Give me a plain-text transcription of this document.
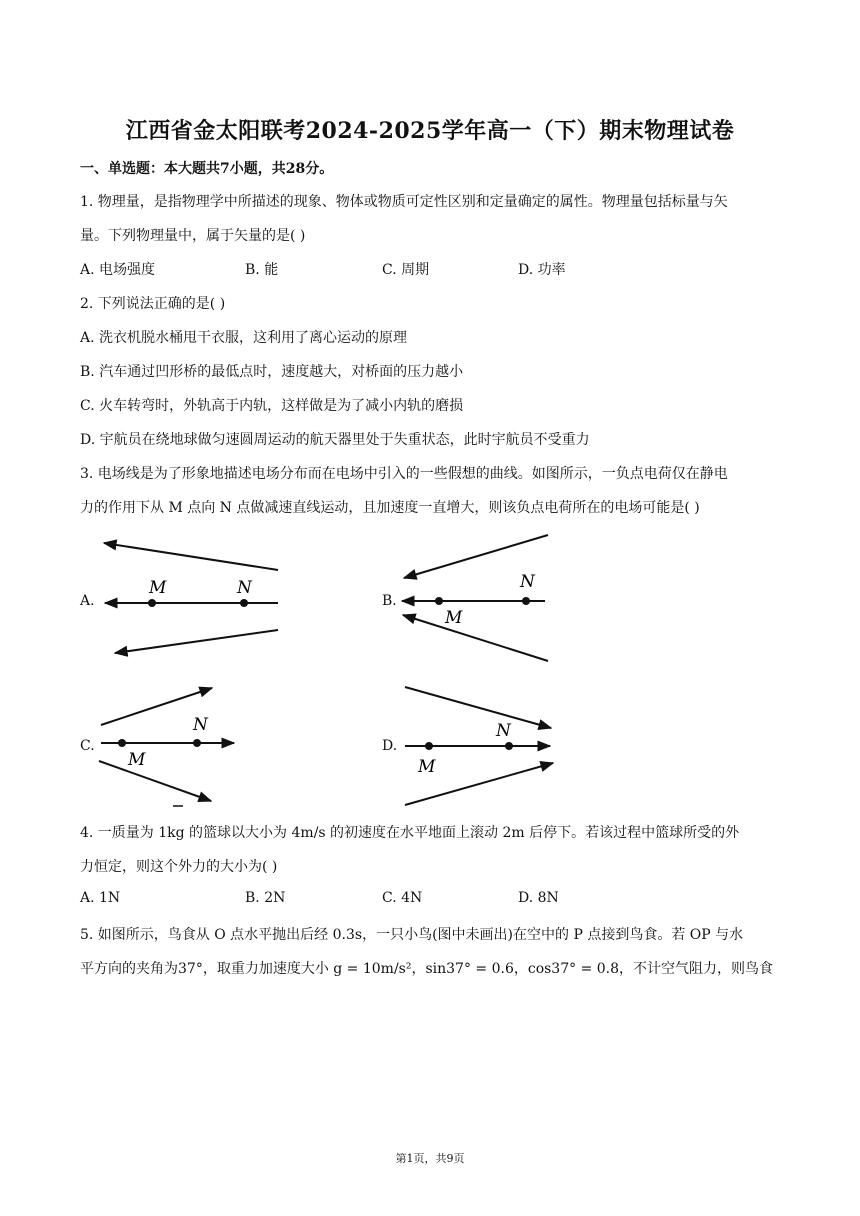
江西省金太阳联考2024-2025学年高一（下）期末物理试卷
一、单选题：本大题共7小题，共28分。
1. 物理量，是指物理学中所描述的现象、物体或物质可定性区别和定量确定的属性。物理量包括标量与矢
量。下列物理量中，属于矢量的是( )
A. 电场强度	B. 能	C. 周期	D. 功率
2. 下列说法正确的是( )
A. 洗衣机脱水桶甩干衣服，这利用了离心运动的原理
B. 汽车通过凹形桥的最低点时，速度越大，对桥面的压力越小
C. 火车转弯时，外轨高于内轨，这样做是为了减小内轨的磨损
D. 宇航员在绕地球做匀速圆周运动的航天器里处于失重状态，此时宇航员不受重力
3. 电场线是为了形象地描述电场分布而在电场中引入的一些假想的曲线。如图所示，一负点电荷仅在静电
力的作用下从 M 点向 N 点做减速直线运动，且加速度一直增大，则该负点电荷所在的电场可能是( )
A.	B.
C.	D.
M	N
M
N
M
N
M
N
4. 一质量为 1kg 的篮球以大小为 4m/s 的初速度在水平地面上滚动 2m 后停下。若该过程中篮球所受的外
力恒定，则这个外力的大小为( )
A. 1N	B. 2N	C. 4N	D. 8N
5. 如图所示，鸟食从 O 点水平抛出后经 0.3s，一只小鸟(图中未画出)在空中的 P 点接到鸟食。若 OP 与水
平方向的夹角为37°，取重力加速度大小 g = 10m/s²，sin37° = 0.6，cos37° = 0.8，不计空气阻力，则鸟食
第1页，共9页
